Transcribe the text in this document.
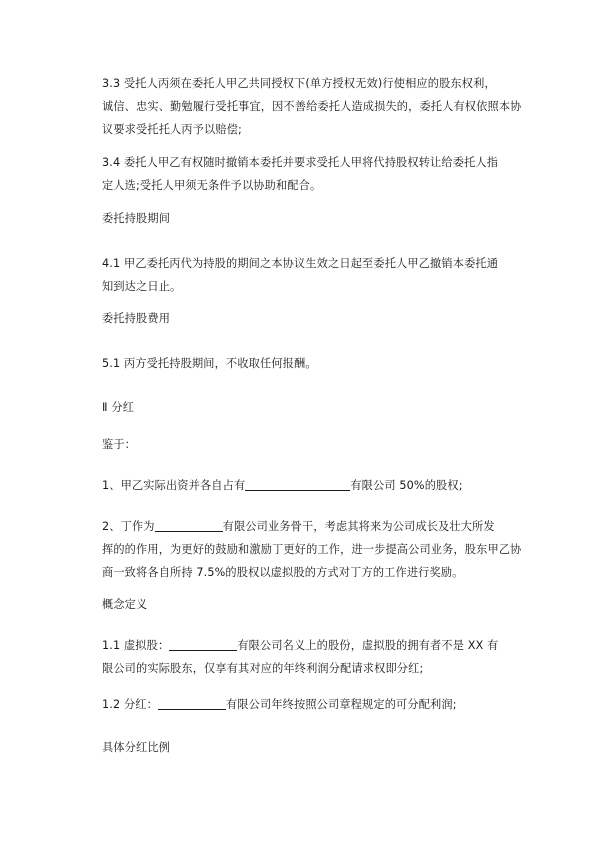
3.3 受托人丙须在委托人甲乙共同授权下(单方授权无效)行使相应的股东权利，
诚信、忠实、勤勉履行受托事宜，因不善给委托人造成损失的，委托人有权依照本协
议要求受托托人丙予以赔偿;

3.4 委托人甲乙有权随时撤销本委托并要求受托人甲将代持股权转让给委托人指
定人选;受托人甲须无条件予以协助和配合。

委托持股期间

4.1 甲乙委托丙代为持股的期间之本协议生效之日起至委托人甲乙撤销本委托通
知到达之日止。

委托持股费用

5.1 丙方受托持股期间，不收取任何报酬。

Ⅱ 分红

鉴于：

1、甲乙实际出资并各自占有	有限公司 50%的股权;

2、丁作为	有限公司业务骨干，考虑其将来为公司成长及壮大所发
挥的的作用，为更好的鼓励和激励丁更好的工作，进一步提高公司业务，股东甲乙协
商一致将各自所持 7.5%的股权以虚拟股的方式对丁方的工作进行奖励。

概念定义

1.1 虚拟股：	有限公司名义上的股份，虚拟股的拥有者不是 XX 有
限公司的实际股东，仅享有其对应的年终利润分配请求权即分红;

1.2 分红：	有限公司年终按照公司章程规定的可分配利润;

具体分红比例
